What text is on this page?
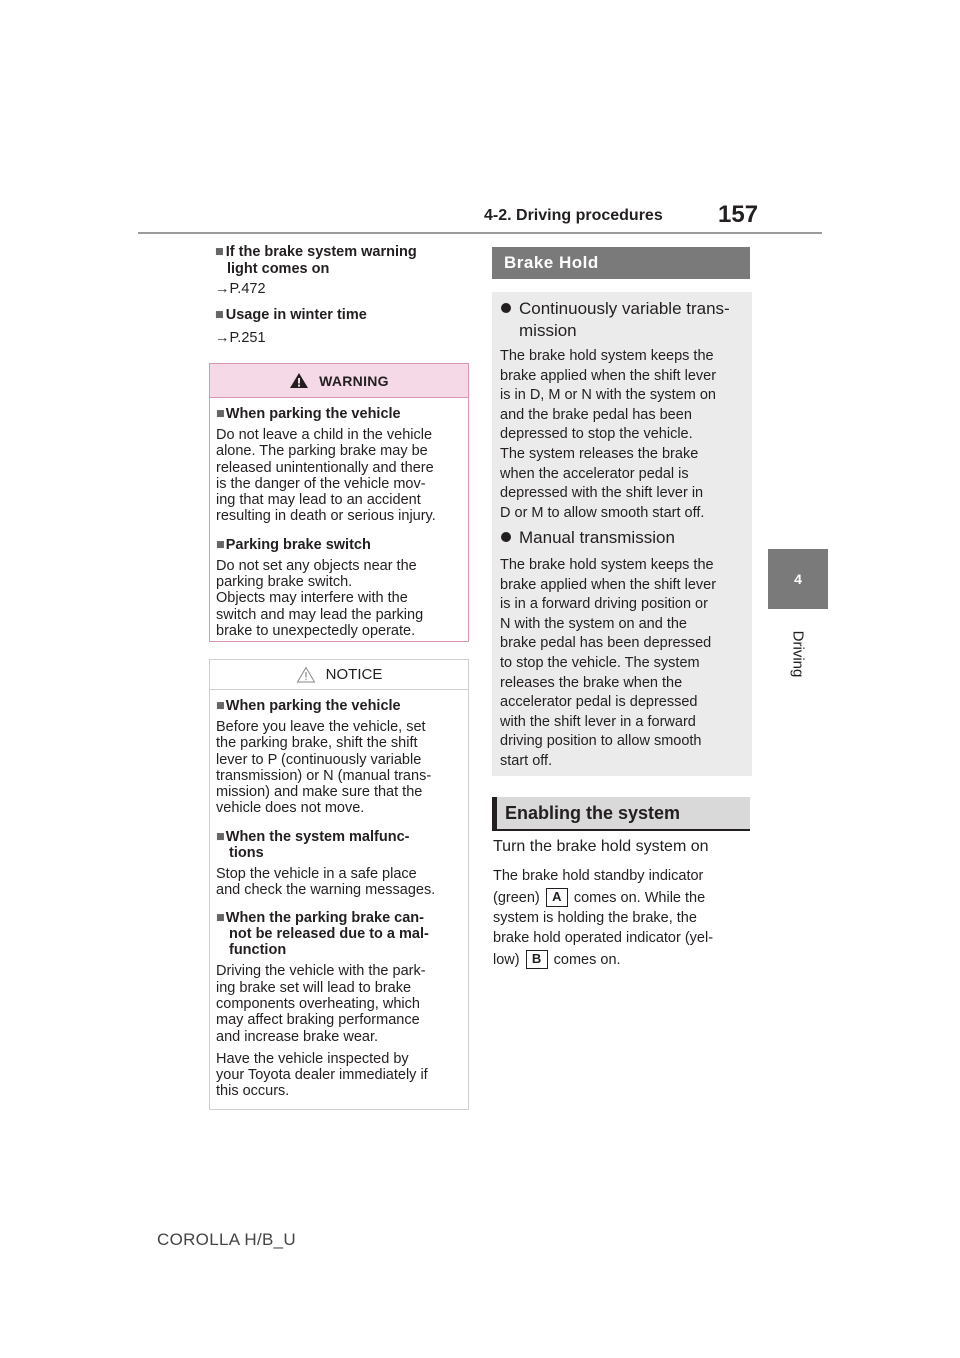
4-2. Driving procedures 157
4
Driving
■ If the brake system warning
light comes on
→P.472
■ Usage in winter time
→P.251
WARNING
■When parking the vehicle
Do not leave a child in the vehicle
alone. The parking brake may be
released unintentionally and there
is the danger of the vehicle mov-
ing that may lead to an accident
resulting in death or serious injury.
■Parking brake switch
Do not set any objects near the
parking brake switch.
Objects may interfere with the
switch and may lead the parking
brake to unexpectedly operate.
NOTICE
■When parking the vehicle
Before you leave the vehicle, set
the parking brake, shift the shift
lever to P (continuously variable
transmission) or N (manual trans-
mission) and make sure that the
vehicle does not move.
■When the system malfunc-
tions
Stop the vehicle in a safe place
and check the warning messages.
■When the parking brake can-
not be released due to a mal-
function
Driving the vehicle with the park-
ing brake set will lead to brake
components overheating, which
may affect braking performance
and increase brake wear.
Have the vehicle inspected by
your Toyota dealer immediately if
this occurs.
Brake Hold
Continuously variable trans-
mission
The brake hold system keeps the
brake applied when the shift lever
is in D, M or N with the system on
and the brake pedal has been
depressed to stop the vehicle.
The system releases the brake
when the accelerator pedal is
depressed with the shift lever in
D or M to allow smooth start off.
Manual transmission
The brake hold system keeps the
brake applied when the shift lever
is in a forward driving position or
N with the system on and the
brake pedal has been depressed
to stop the vehicle. The system
releases the brake when the
accelerator pedal is depressed
with the shift lever in a forward
driving position to allow smooth
start off.
Enabling the system
Turn the brake hold system on
The brake hold standby indicator
(green) A comes on. While the
system is holding the brake, the
brake hold operated indicator (yel-
low) B comes on.
COROLLA H/B_U
